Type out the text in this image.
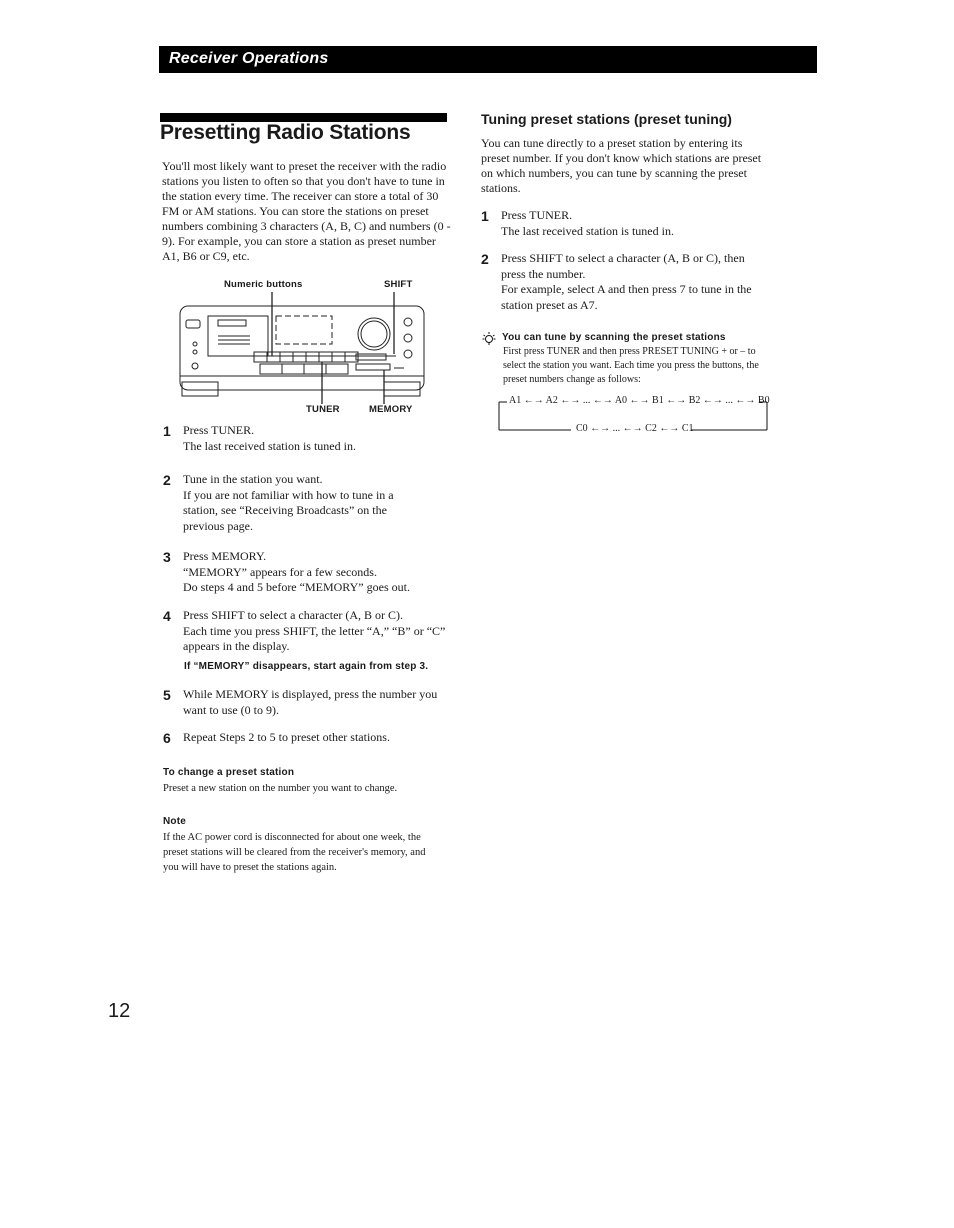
Receiver Operations
Presetting Radio Stations
You'll most likely want to preset the receiver with the radio stations you listen to often so that you don't have to tune in the station every time. The receiver can store a total of 30 FM or AM stations. You can store the stations on preset numbers combining 3 characters (A, B, C) and numbers (0 - 9). For example, you can store a station as preset number A1, B6 or C9, etc.
Numeric buttons	SHIFT
TUNER	MEMORY
1 Press TUNER.

The last received station is tuned in.

2 Tune in the station you want.

If you are not familiar with how to tune in a station, see “Receiving Broadcasts” on the previous page.

3 Press MEMORY.

“MEMORY” appears for a few seconds.

Do steps 4 and 5 before “MEMORY” goes out.

4 Press SHIFT to select a character (A, B or C).

Each time you press SHIFT, the letter “A,” “B” or “C” appears in the display.

If “MEMORY” disappears, start again from step 3.
5 While MEMORY is displayed, press the number you want to use (0 to 9).

6 Repeat Steps 2 to 5 to preset other stations.

To change a preset station
Preset a new station on the number you want to change.
Note
If the AC power cord is disconnected for about one week, the preset stations will be cleared from the receiver's memory, and you will have to preset the stations again.
Tuning preset stations (preset tuning)
You can tune directly to a preset station by entering its preset number. If you don't know which stations are preset on which numbers, you can tune by scanning the preset stations.
1 Press TUNER.

The last received station is tuned in.

2 Press SHIFT to select a character (A, B or C), then press the number.

For example, select A and then press 7 to tune in the station preset as A7.

You can tune by scanning the preset stations
First press TUNER and then press PRESET TUNING + or – to select the station you want. Each time you press the buttons, the preset numbers change as follows:
A1 ←→ A2 ←→ ... ←→ A0 ←→ B1 ←→ B2 ←→ ... ←→ B0
C0 ←→ ... ←→ C2 ←→ C1
12
